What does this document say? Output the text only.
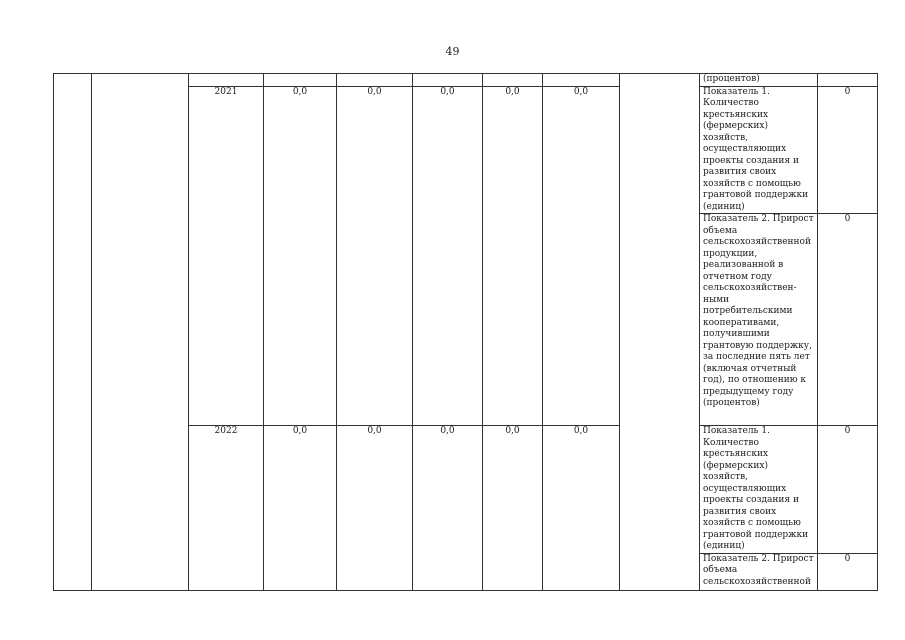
49
									(процентов)	
		2021	0,0	0,0	0,0	0,0	0,0		Показатель 1. Количество крестьянских (фермерских) хозяйств, осуществляющих проекты создания и развития своих хозяйств с помощью грантовой поддержки (единиц)	0
									Показатель 2. Прирост объема сельскохозяйственной продукции, реализованной в отчетном году сельскохозяйствен-ными потребительскими кооперативами, получившими грантовую поддержку, за последние пять лет (включая отчетный год), по отношению к предыдущему году (процентов)	0
		2022	0,0	0,0	0,0	0,0	0,0		Показатель 1. Количество крестьянских (фермерских) хозяйств, осуществляющих проекты создания и развития своих хозяйств с помощью грантовой поддержки (единиц)	0
									Показатель 2. Прирост объема сельскохозяйственной	0
